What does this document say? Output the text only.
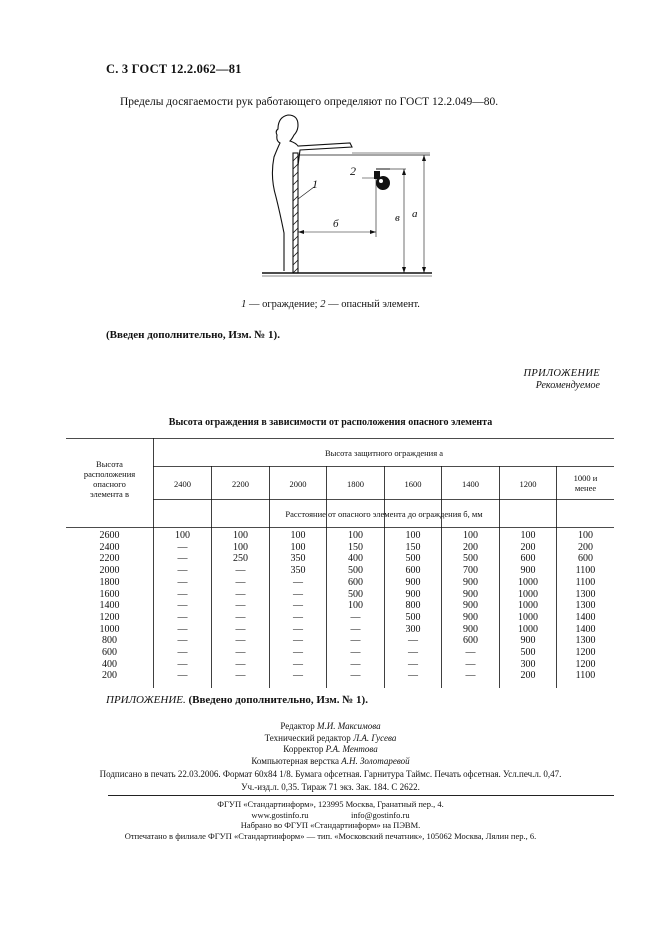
С. 3 ГОСТ 12.2.062—81
Пределы досягаемости рук работающего определяют по ГОСТ 12.2.049—80.
1
2
б	в а
1 — ограждение; 2 — опасный элемент.
(Введен дополнительно, Изм. № 1).
ПРИЛОЖЕНИЕ
Рекомендуемое
Высота ограждения в зависимости от расположения опасного элемента
Высота
расположения
опасного
элемента в
Высота защитного ограждения а
2400	2200	2000	1800	1600	1400	1200
1000 и
менее
Расстояние от опасного элемента до ограждения б, мм
2600	100	100	100	100	100	100	100	100
2400	—	100	100	150	150	200	200	200
2200	—	250	350	400	500	500	600	600
2000	—	—	350	500	600	700	900	1100
1800	—	—	—	600	900	900	1000	1100
1600	—	—	—	500	900	900	1000	1300
1400	—	—	—	100	800	900	1000	1300
1200	—	—	—	—	500	900	1000	1400
1000	—	—	—	—	300	900	1000	1400
800	—	—	—	—	—	600	900	1300
600	—	—	—	—	—	—	500	1200
400	—	—	—	—	—	—	300	1200
200	—	—	—	—	—	—	200	1100
ПРИЛОЖЕНИЕ. (Введено дополнительно, Изм. № 1).
Редактор М.И. Максимова
Технический редактор Л.А. Гусева
Корректор Р.А. Ментова
Компьютерная верстка А.Н. Золотаревой
Подписано в печать 22.03.2006. Формат 60x84 1/8. Бумага офсетная. Гарнитура Таймс. Печать офсетная. Усл.печ.л. 0,47.
Уч.-изд.л. 0,35. Тираж 71 экз. Зак. 184. С 2622.
ФГУП «Стандартинформ», 123995 Москва, Гранатный пер., 4.
www.gostinfo.ru                    info@gostinfo.ru
Набрано во ФГУП «Стандартинформ» на ПЭВМ.
Отпечатано в филиале ФГУП «Стандартинформ» — тип. «Московский печатник», 105062 Москва, Лялин пер., 6.
